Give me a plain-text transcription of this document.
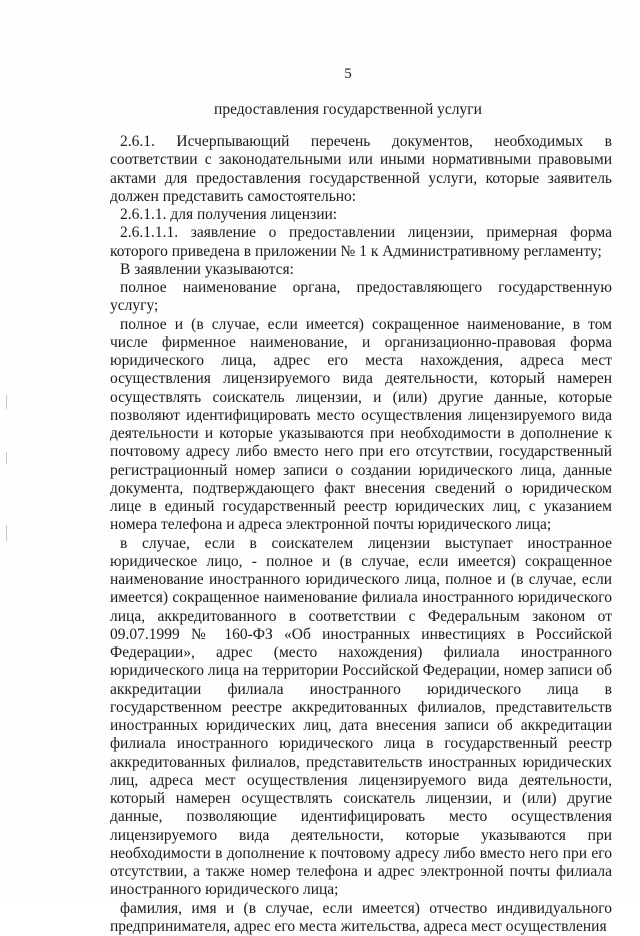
5
предоставления государственной услуги

2.6.1. Исчерпывающий перечень документов, необходимых в соответствии с законодательными или иными нормативными правовыми актами для предоставления государственной услуги, которые заявитель должен представить самостоятельно:

2.6.1.1. для получения лицензии:

2.6.1.1.1. заявление о предоставлении лицензии, примерная форма которого приведена в приложении № 1 к Административному регламенту;

В заявлении указываются:

полное наименование органа, предоставляющего государственную услугу;

полное и (в случае, если имеется) сокращенное наименование, в том числе фирменное наименование, и организационно-правовая форма юридического лица, адрес его места нахождения, адреса мест осуществления лицензируемого вида деятельности, который намерен осуществлять соискатель лицензии, и (или) другие данные, которые позволяют идентифицировать место осуществления лицензируемого вида деятельности и которые указываются при необходимости в дополнение к почтовому адресу либо вместо него при его отсутствии, государственный регистрационный номер записи о создании юридического лица, данные документа, подтверждающего факт внесения сведений о юридическом лице в единый государственный реестр юридических лиц, с указанием номера телефона и адреса электронной почты юридического лица;

в случае, если в соискателем лицензии выступает иностранное юридическое лицо, - полное и (в случае, если имеется) сокращенное наименование иностранного юридического лица, полное и (в случае, если имеется) сокращенное наименование филиала иностранного юридического лица, аккредитованного в соответствии с Федеральным законом от 09.07.1999 № 160-ФЗ «Об иностранных инвестициях в Российской Федерации», адрес (место нахождения) филиала иностранного юридического лица на территории Российской Федерации, номер записи об аккредитации филиала иностранного юридического лица в государственном реестре аккредитованных филиалов, представительств иностранных юридических лиц, дата внесения записи об аккредитации филиала иностранного юридического лица в государственный реестр аккредитованных филиалов, представительств иностранных юридических лиц, адреса мест осуществления лицензируемого вида деятельности, который намерен осуществлять соискатель лицензии, и (или) другие данные, позволяющие идентифицировать место осуществления лицензируемого вида деятельности, которые указываются при необходимости в дополнение к почтовому адресу либо вместо него при его отсутствии, а также номер телефона и адрес электронной почты филиала иностранного юридического лица;

фамилия, имя и (в случае, если имеется) отчество индивидуального предпринимателя, адрес его места жительства, адреса мест осуществления
